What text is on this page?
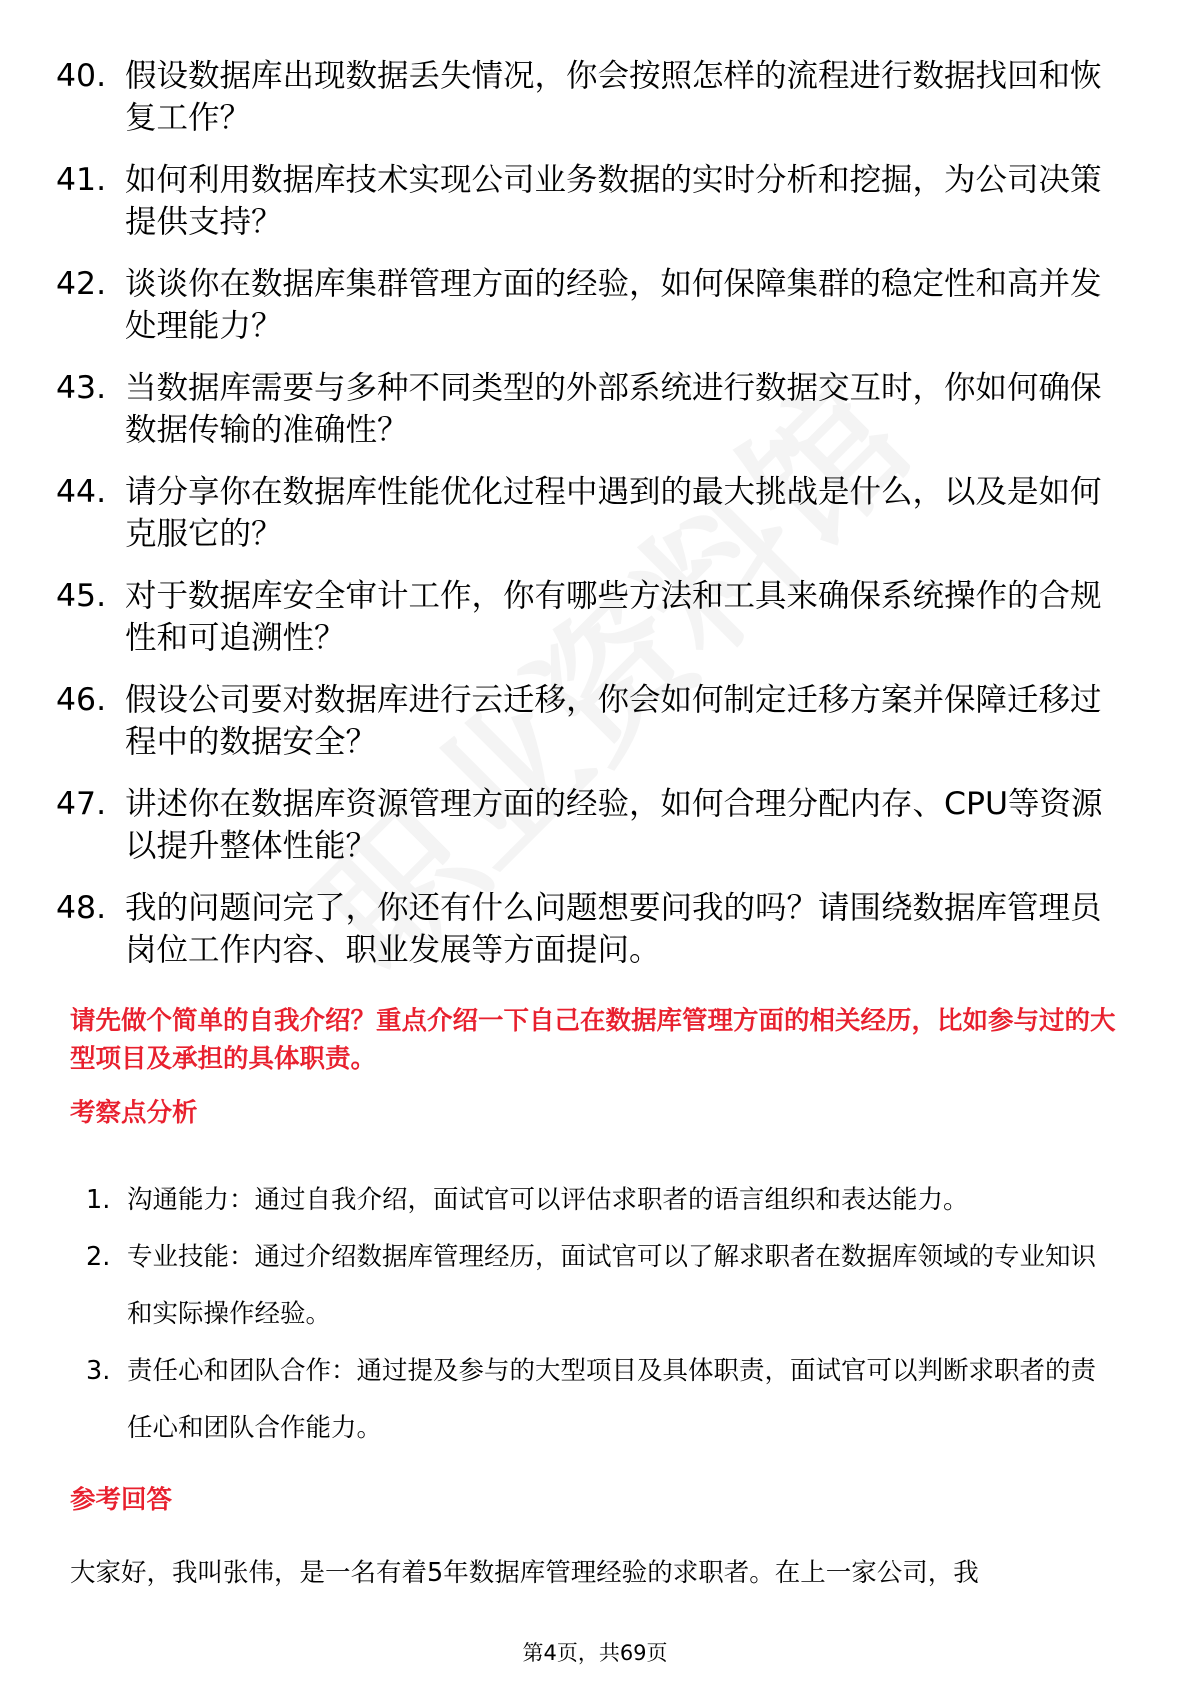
40. 假设数据库出现数据丢失情况，你会按照怎样的流程进行数据找回和恢复工作？
41. 如何利用数据库技术实现公司业务数据的实时分析和挖掘，为公司决策提供支持？
42. 谈谈你在数据库集群管理方面的经验，如何保障集群的稳定性和高并发处理能力？
43. 当数据库需要与多种不同类型的外部系统进行数据交互时，你如何确保数据传输的准确性？
44. 请分享你在数据库性能优化过程中遇到的最大挑战是什么，以及是如何克服它的？
45. 对于数据库安全审计工作，你有哪些方法和工具来确保系统操作的合规性和可追溯性？
46. 假设公司要对数据库进行云迁移，你会如何制定迁移方案并保障迁移过程中的数据安全？
47. 讲述你在数据库资源管理方面的经验，如何合理分配内存、CPU等资源以提升整体性能？
48. 我的问题问完了，你还有什么问题想要问我的吗？请围绕数据库管理员岗位工作内容、职业发展等方面提问。
请先做个简单的自我介绍？重点介绍一下自己在数据库管理方面的相关经历，比如参与过的大型项目及承担的具体职责。
考察点分析
1. 沟通能力：通过自我介绍，面试官可以评估求职者的语言组织和表达能力。
2. 专业技能：通过介绍数据库管理经历，面试官可以了解求职者在数据库领域的专业知识和实际操作经验。
3. 责任心和团队合作：通过提及参与的大型项目及具体职责，面试官可以判断求职者的责任心和团队合作能力。
参考回答
大家好，我叫张伟，是一名有着5年数据库管理经验的求职者。在上一家公司，我
第4页，共69页
